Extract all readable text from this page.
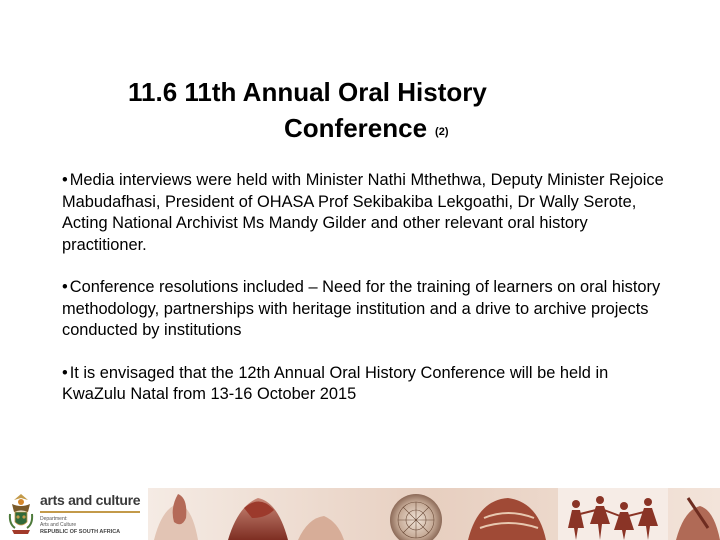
11.6 11th Annual Oral History
Conference (2)

• Media interviews were held with Minister Nathi Mthethwa, Deputy Minister Rejoice Mabudafhasi, President of OHASA Prof Sekibakiba Lekgoathi, Dr Wally Serote, Acting National Archivist Ms Mandy Gilder and other relevant oral history practitioner.

• Conference resolutions included – Need for the training of learners on oral history methodology, partnerships with heritage institution and a drive to archive projects conducted by institutions

• It is envisaged that the 12th Annual Oral History Conference will be held in KwaZulu Natal from 13-16 October 2015

arts and culture
Department:
Arts and Culture
REPUBLIC OF SOUTH AFRICA
